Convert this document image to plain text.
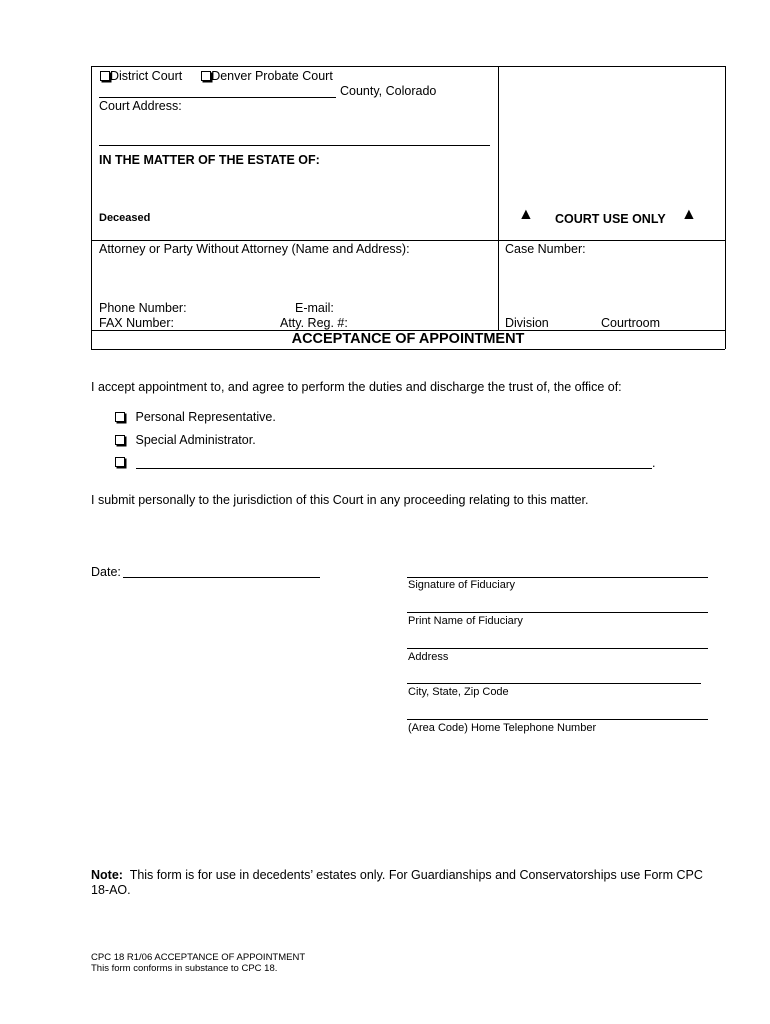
District Court Denver Probate Court
County, Colorado
Court Address:
IN THE MATTER OF THE ESTATE OF:
Deceased	▲ COURT USE ONLY ▲
Attorney or Party Without Attorney (Name and Address):	Case Number:
Phone Number:	E-mail:
FAX Number:	Atty. Reg. #:	Division	Courtroom
ACCEPTANCE OF APPOINTMENT
I accept appointment to, and agree to perform the duties and discharge the trust of, the office of:
Personal Representative.
Special Administrator.
.
I submit personally to the jurisdiction of this Court in any proceeding relating to this matter.
Date:
Signature of Fiduciary
Print Name of Fiduciary
Address
City, State, Zip Code
(Area Code) Home Telephone Number
Note: This form is for use in decedents’ estates only. For Guardianships and Conservatorships use Form CPC
18-AO.
CPC 18 R1/06 ACCEPTANCE OF APPOINTMENT
This form conforms in substance to CPC 18.
